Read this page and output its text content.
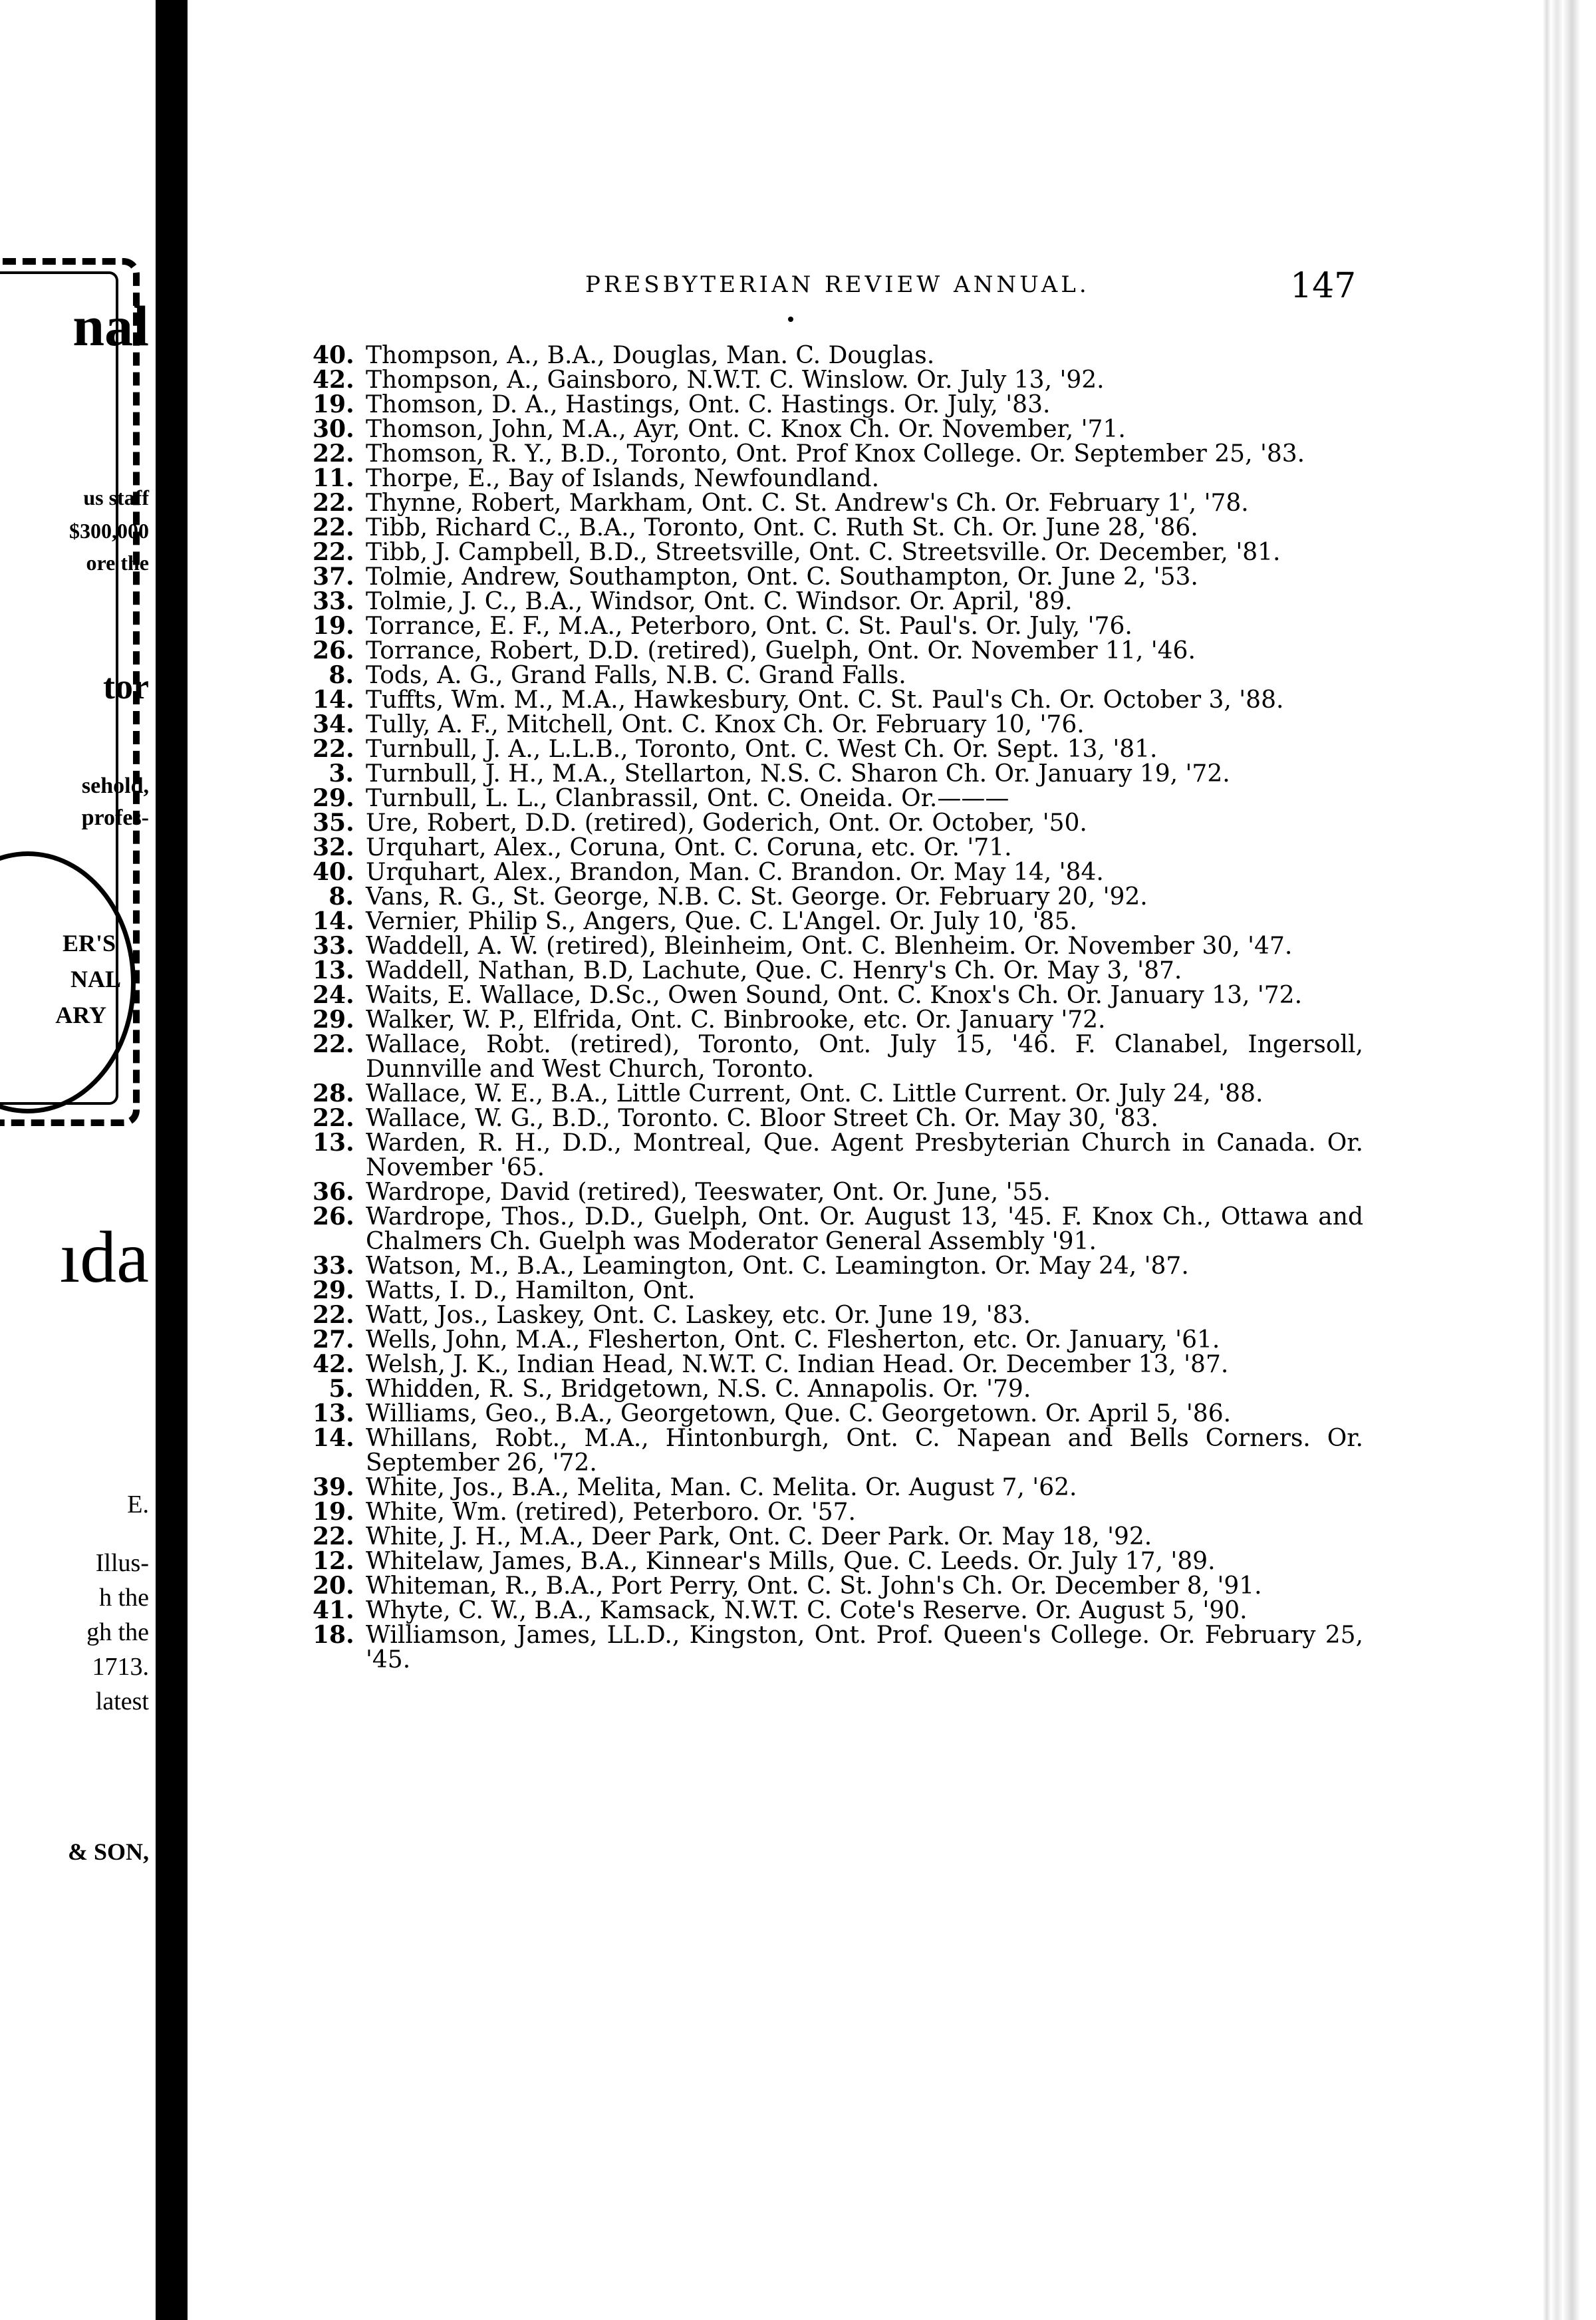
nal
us staff
$300,000
ore the
tor
sehold,
profes-
ER'S
NAL
ARY
ıda
E.
Illus-
h the
gh the
1713.
latest
& SON,
PRESBYTERIAN REVIEW ANNUAL.	147
40. Thompson, A., B.A., Douglas, Man. C. Douglas.
42. Thompson, A., Gainsboro, N.W.T. C. Winslow. Or. July 13, '92.
19. Thomson, D. A., Hastings, Ont. C. Hastings. Or. July, '83.
30. Thomson, John, M.A., Ayr, Ont. C. Knox Ch. Or. November, '71.
22. Thomson, R. Y., B.D., Toronto, Ont. Prof Knox College. Or. September 25, '83.
11. Thorpe, E., Bay of Islands, Newfoundland.
22. Thynne, Robert, Markham, Ont. C. St. Andrew's Ch. Or. February 1', '78.
22. Tibb, Richard C., B.A., Toronto, Ont. C. Ruth St. Ch. Or. June 28, '86.
22. Tibb, J. Campbell, B.D., Streetsville, Ont. C. Streetsville. Or. December, '81.
37. Tolmie, Andrew, Southampton, Ont. C. Southampton, Or. June 2, '53.
33. Tolmie, J. C., B.A., Windsor, Ont. C. Windsor. Or. April, '89.
19. Torrance, E. F., M.A., Peterboro, Ont. C. St. Paul's. Or. July, '76.
26. Torrance, Robert, D.D. (retired), Guelph, Ont. Or. November 11, '46.
8. Tods, A. G., Grand Falls, N.B. C. Grand Falls.
14. Tuffts, Wm. M., M.A., Hawkesbury, Ont. C. St. Paul's Ch. Or. October 3, '88.
34. Tully, A. F., Mitchell, Ont. C. Knox Ch. Or. February 10, '76.
22. Turnbull, J. A., L.L.B., Toronto, Ont. C. West Ch. Or. Sept. 13, '81.
3. Turnbull, J. H., M.A., Stellarton, N.S. C. Sharon Ch. Or. January 19, '72.
29. Turnbull, L. L., Clanbrassil, Ont. C. Oneida. Or.———
35. Ure, Robert, D.D. (retired), Goderich, Ont. Or. October, '50.
32. Urquhart, Alex., Coruna, Ont. C. Coruna, etc. Or. '71.
40. Urquhart, Alex., Brandon, Man. C. Brandon. Or. May 14, '84.
8. Vans, R. G., St. George, N.B. C. St. George. Or. February 20, '92.
14. Vernier, Philip S., Angers, Que. C. L'Angel. Or. July 10, '85.
33. Waddell, A. W. (retired), Bleinheim, Ont. C. Blenheim. Or. November 30, '47.
13. Waddell, Nathan, B.D, Lachute, Que. C. Henry's Ch. Or. May 3, '87.
24. Waits, E. Wallace, D.Sc., Owen Sound, Ont. C. Knox's Ch. Or. January 13, '72.
29. Walker, W. P., Elfrida, Ont. C. Binbrooke, etc. Or. January '72.
22. Wallace, Robt. (retired), Toronto, Ont. July 15, '46. F. Clanabel, Ingersoll, Dunnville and West Church, Toronto.
28. Wallace, W. E., B.A., Little Current, Ont. C. Little Current. Or. July 24, '88.
22. Wallace, W. G., B.D., Toronto. C. Bloor Street Ch. Or. May 30, '83.
13. Warden, R. H., D.D., Montreal, Que. Agent Presbyterian Church in Canada. Or. November '65.
36. Wardrope, David (retired), Teeswater, Ont. Or. June, '55.
26. Wardrope, Thos., D.D., Guelph, Ont. Or. August 13, '45. F. Knox Ch., Ottawa and Chalmers Ch. Guelph was Moderator General Assembly '91.
33. Watson, M., B.A., Leamington, Ont. C. Leamington. Or. May 24, '87.
29. Watts, I. D., Hamilton, Ont.
22. Watt, Jos., Laskey, Ont. C. Laskey, etc. Or. June 19, '83.
27. Wells, John, M.A., Flesherton, Ont. C. Flesherton, etc. Or. January, '61.
42. Welsh, J. K., Indian Head, N.W.T. C. Indian Head. Or. December 13, '87.
5. Whidden, R. S., Bridgetown, N.S. C. Annapolis. Or. '79.
13. Williams, Geo., B.A., Georgetown, Que. C. Georgetown. Or. April 5, '86.
14. Whillans, Robt., M.A., Hintonburgh, Ont. C. Napean and Bells Corners. Or. September 26, '72.
39. White, Jos., B.A., Melita, Man. C. Melita. Or. August 7, '62.
19. White, Wm. (retired), Peterboro. Or. '57.
22. White, J. H., M.A., Deer Park, Ont. C. Deer Park. Or. May 18, '92.
12. Whitelaw, James, B.A., Kinnear's Mills, Que. C. Leeds. Or. July 17, '89.
20. Whiteman, R., B.A., Port Perry, Ont. C. St. John's Ch. Or. December 8, '91.
41. Whyte, C. W., B.A., Kamsack, N.W.T. C. Cote's Reserve. Or. August 5, '90.
18. Williamson, James, LL.D., Kingston, Ont. Prof. Queen's College. Or. February 25, '45.
